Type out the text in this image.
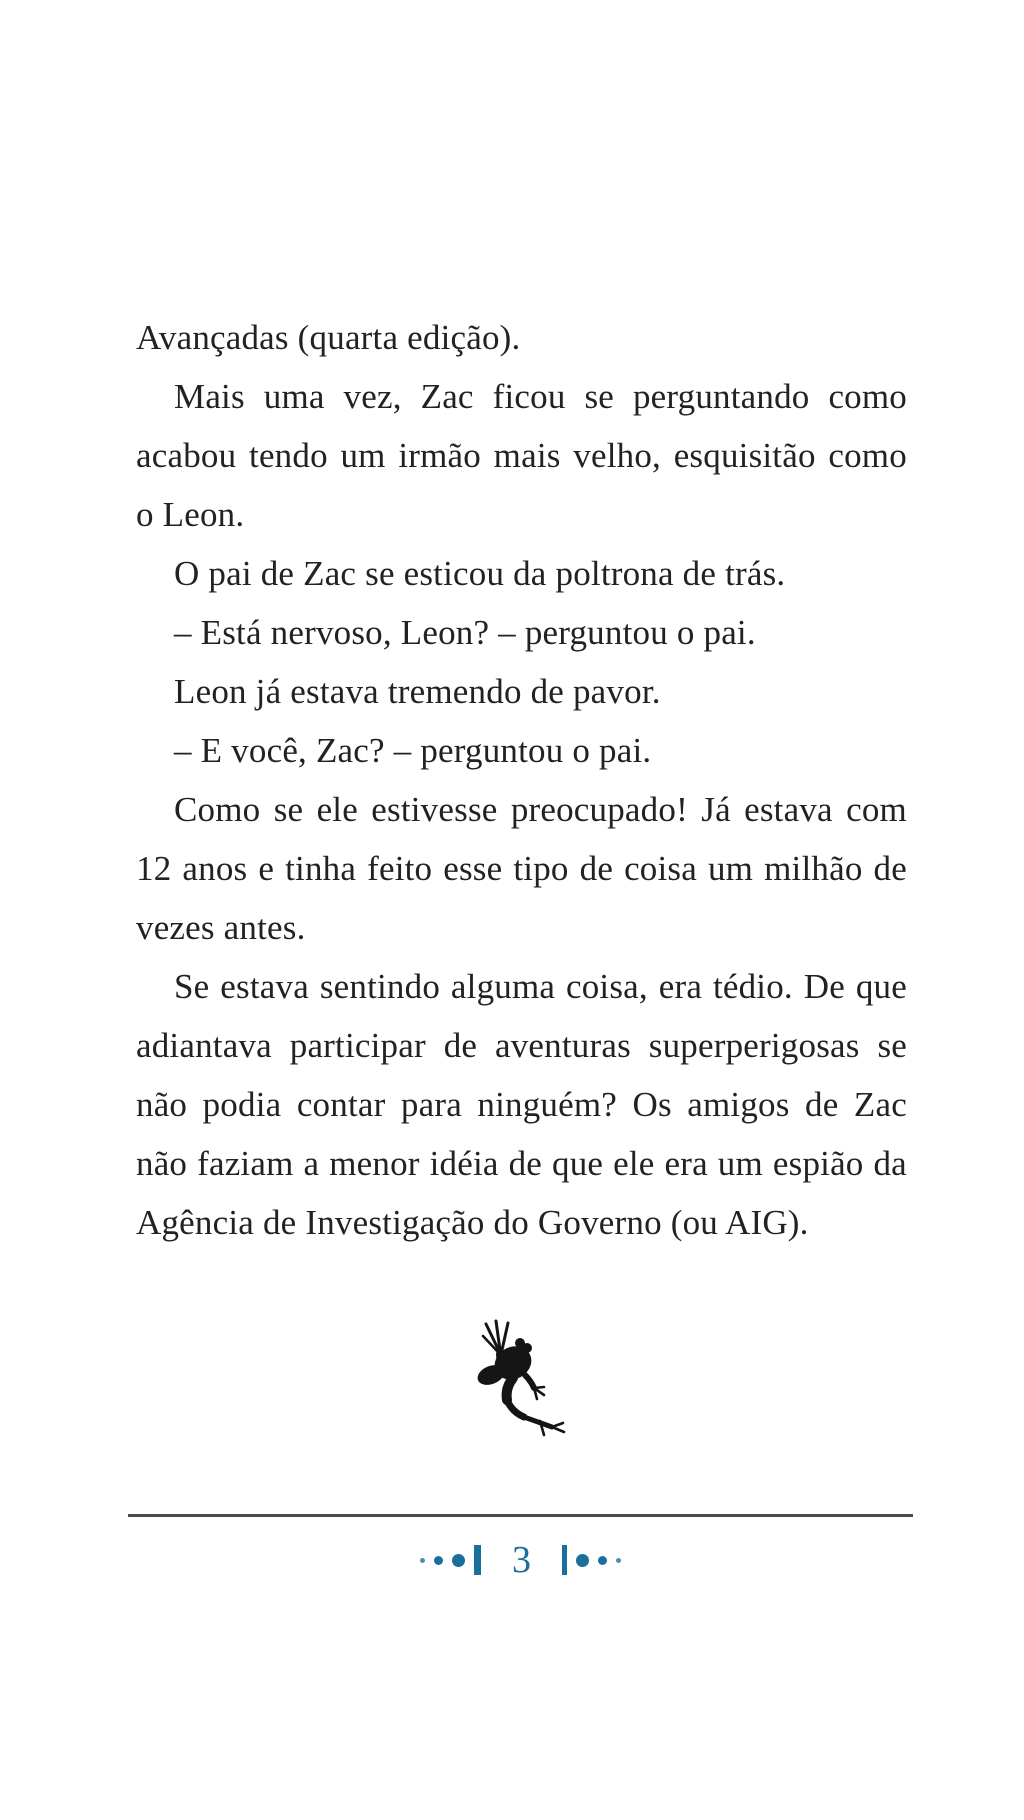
Avançadas (quarta edição).
Mais uma vez, Zac ficou se perguntando como
acabou tendo um irmão mais velho, esquisitão como
o Leon.
O pai de Zac se esticou da poltrona de trás.
– Está nervoso, Leon? – perguntou o pai.
Leon já estava tremendo de pavor.
– E você, Zac? – perguntou o pai.
Como se ele estivesse preocupado! Já estava com
12 anos e tinha feito esse tipo de coisa um milhão de
vezes antes.
Se estava sentindo alguma coisa, era tédio. De que
adiantava participar de aventuras superperigosas se
não podia contar para ninguém? Os amigos de Zac
não faziam a menor idéia de que ele era um espião da
Agência de Investigação do Governo (ou AIG).
3
